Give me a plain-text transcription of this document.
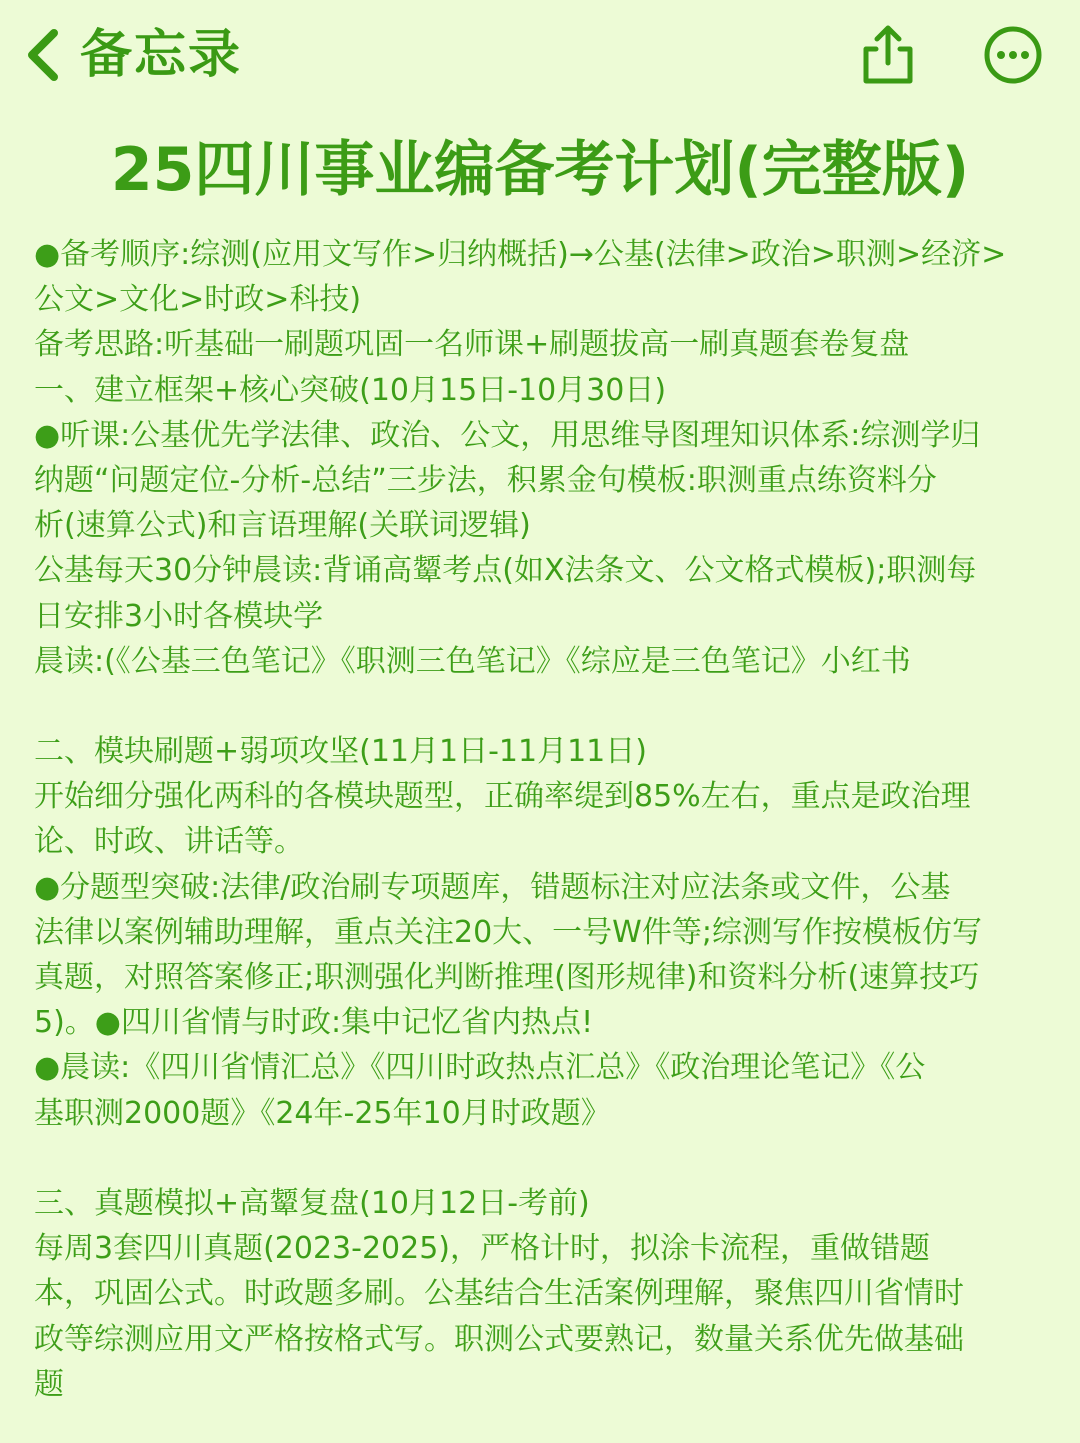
备忘录
25四川事业编备考计划(完整版)
●备考顺序:综测(应用文写作>归纳概括)→公基(法律>政治>职测>经济>
公文>文化>时政>科技)
备考思路:听基础一刷题巩固一名师课+刷题拔高一刷真题套卷复盘
一、建立框架+核心突破(10月15日-10月30日)
●听课:公基优先学法律、政治、公文，用思维导图理知识体系:综测学归
纳题“问题定位-分析-总结”三步法，积累金句模板:职测重点练资料分
析(速算公式)和言语理解(关联词逻辑)
公基每天30分钟晨读:背诵高颦考点(如X法条文、公文格式模板);职测每
日安排3小时各模块学
晨读:(《公基三色笔记》《职测三色笔记》《综应是三色笔记》小红书
二、模块刷题+弱项攻坚(11月1日-11月11日)
开始细分强化两科的各模块题型，正确率缇到85%左右，重点是政治理
论、时政、讲话等。
●分题型突破:法律/政治刷专项题库，错题标注对应法条或文件，公基
法律以案例辅助理解，重点关注20大、一号W件等;综测写作按模板仿写
真题，对照答案修正;职测强化判断推理(图形规律)和资料分析(速算技巧
5)。●四川省情与时政:集中记忆省内热点!
●晨读:《四川省情汇总》《四川时政热点汇总》《政治理论笔记》《公
基职测2000题》《24年-25年10月时政题》
三、真题模拟+高颦复盘(10月12日-考前)
每周3套四川真题(2023-2025)，严格计时，拟涂卡流程，重做错题
本，巩固公式。时政题多刷。公基结合生活案例理解，聚焦四川省情时
政等综测应用文严格按格式写。职测公式要熟记，数量关系优先做基础
题
